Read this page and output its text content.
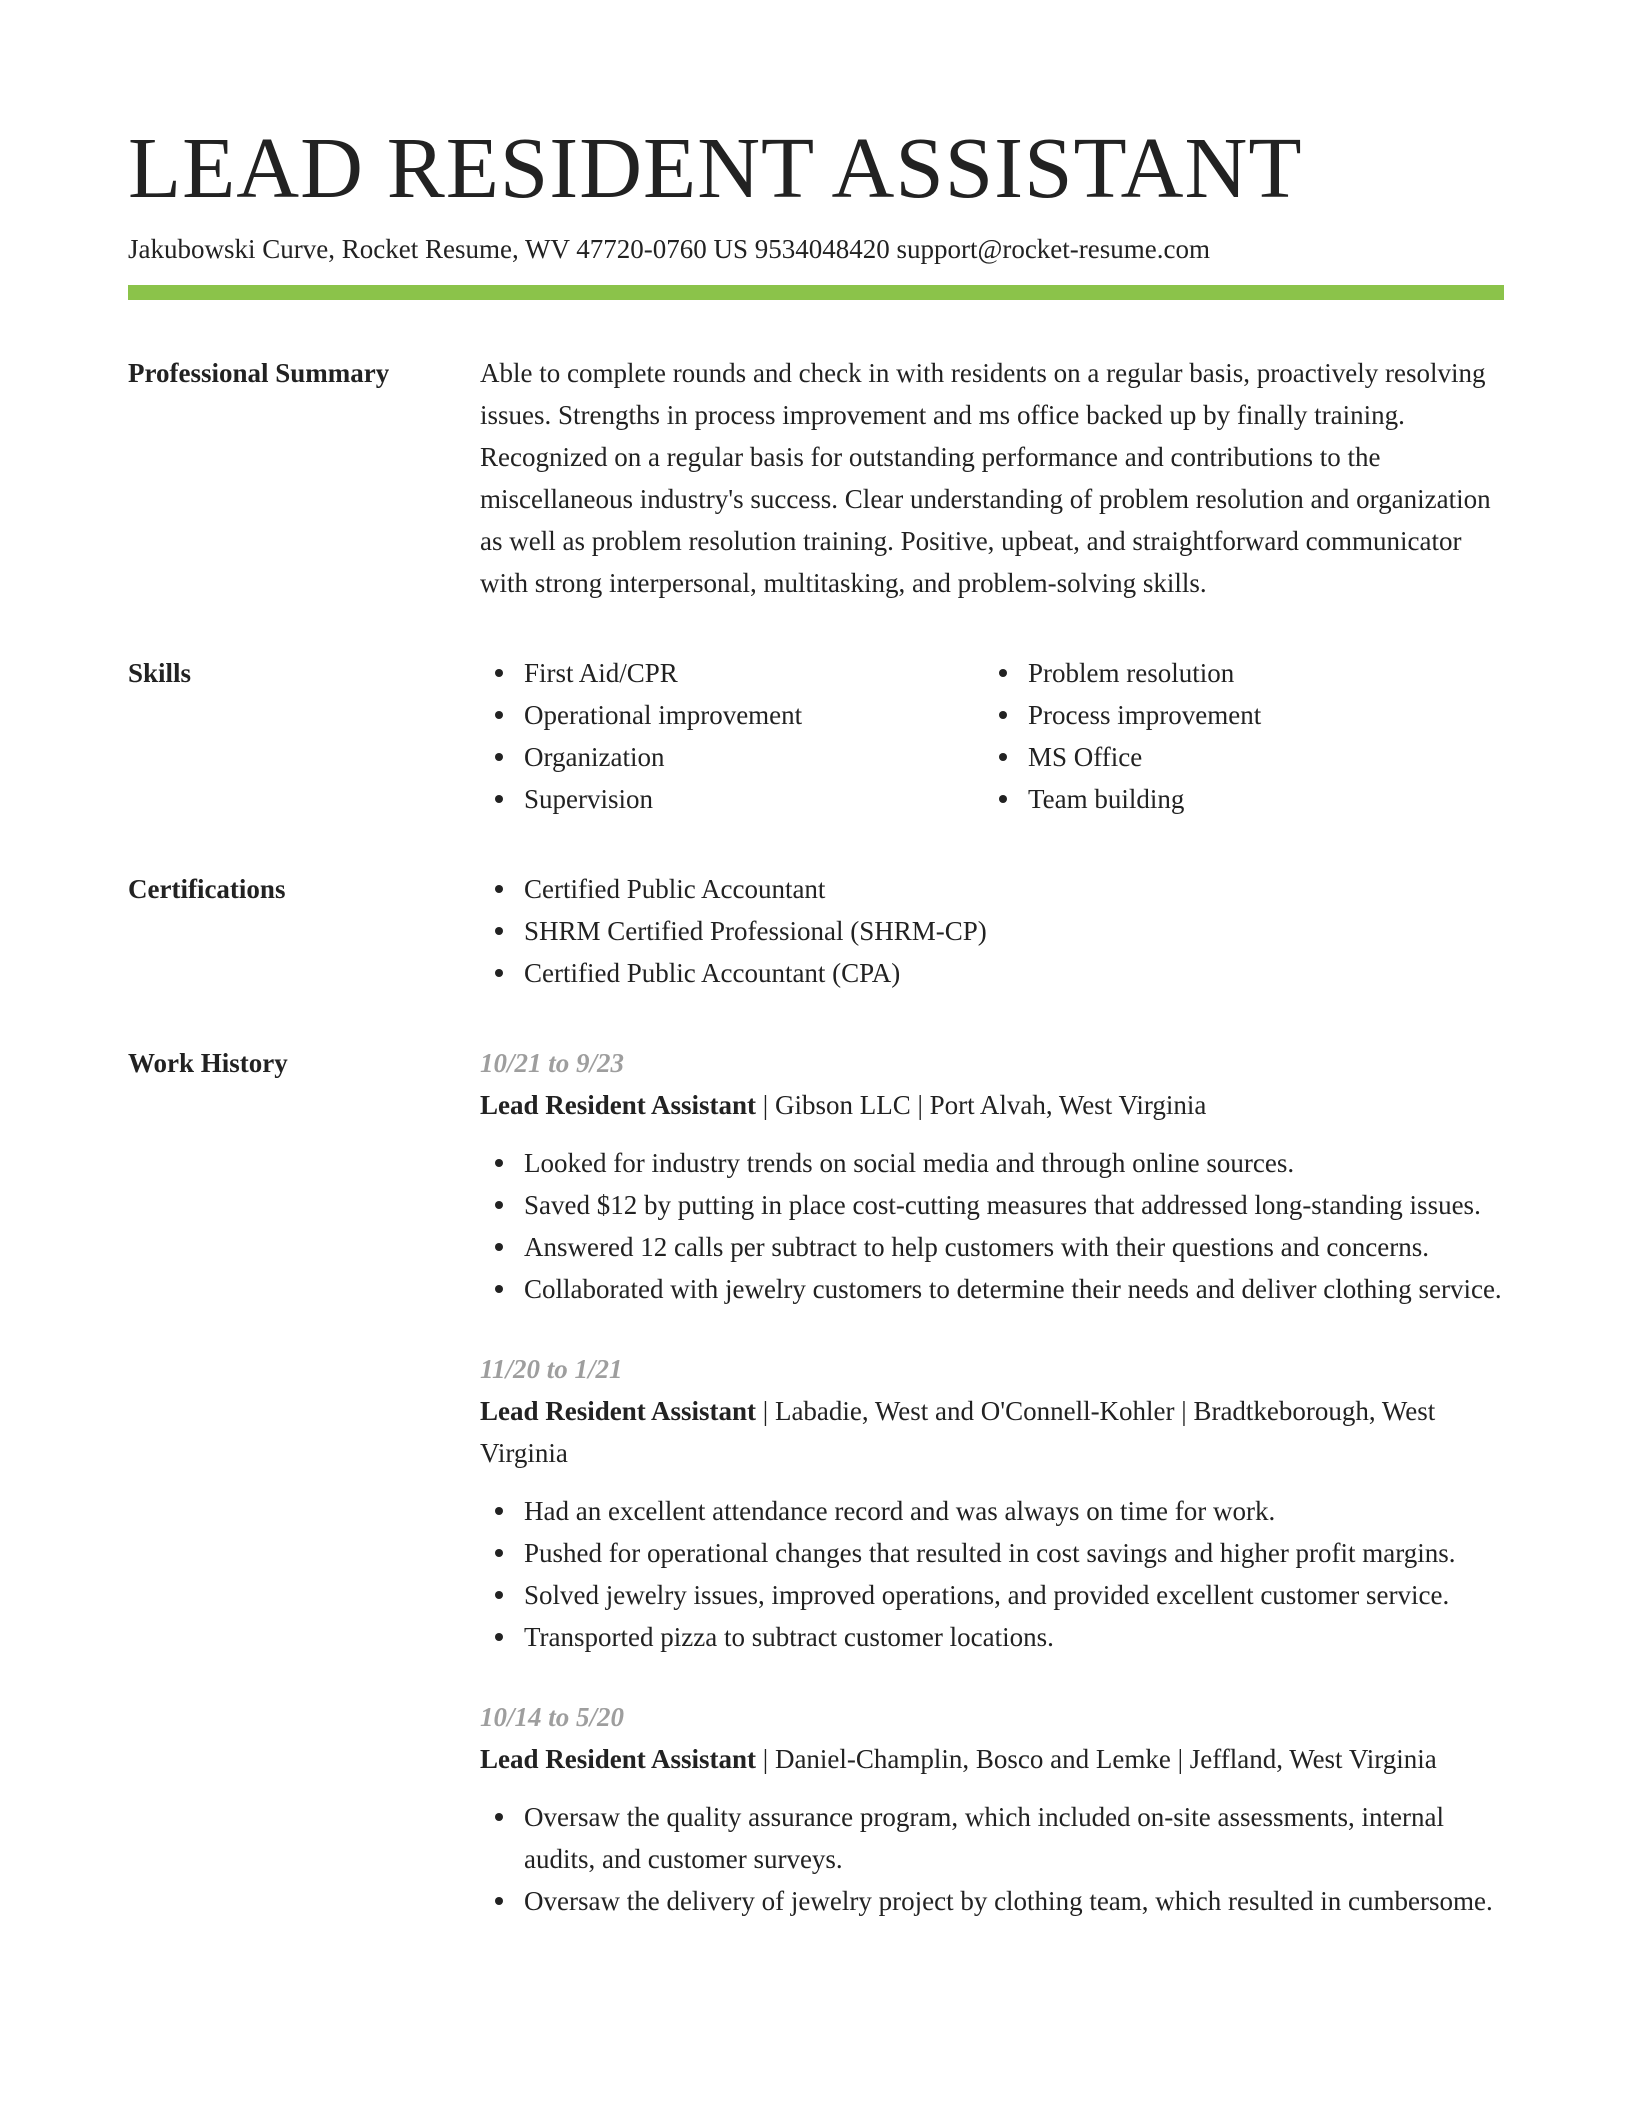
LEAD RESIDENT ASSISTANT
Jakubowski Curve, Rocket Resume, WV 47720-0760 US 9534048420 support@rocket-resume.com
Professional Summary	Able to complete rounds and check in with residents on a regular basis, proactively resolving issues. Strengths in process improvement and ms office backed up by finally training. Recognized on a regular basis for outstanding performance and contributions to the miscellaneous industry's success. Clear understanding of problem resolution and organization as well as problem resolution training. Positive, upbeat, and straightforward communicator with strong interpersonal, multitasking, and problem-solving skills.
Skills	First Aid/CPR
Operational improvement
Organization
Supervision
Problem resolution
Process improvement
MS Office
Team building
Certifications	Certified Public Accountant
SHRM Certified Professional (SHRM-CP)
Certified Public Accountant (CPA)
Work History	10/21 to 9/23
Lead Resident Assistant | Gibson LLC | Port Alvah, West Virginia
Looked for industry trends on social media and through online sources.
Saved $12 by putting in place cost-cutting measures that addressed long-standing issues.
Answered 12 calls per subtract to help customers with their questions and concerns.
Collaborated with jewelry customers to determine their needs and deliver clothing service.
11/20 to 1/21
Lead Resident Assistant | Labadie, West and O'Connell-Kohler | Bradtkeborough, West Virginia
Had an excellent attendance record and was always on time for work.
Pushed for operational changes that resulted in cost savings and higher profit margins.
Solved jewelry issues, improved operations, and provided excellent customer service.
Transported pizza to subtract customer locations.
10/14 to 5/20
Lead Resident Assistant | Daniel-Champlin, Bosco and Lemke | Jeffland, West Virginia
Oversaw the quality assurance program, which included on-site assessments, internal audits, and customer surveys.
Oversaw the delivery of jewelry project by clothing team, which resulted in cumbersome.
